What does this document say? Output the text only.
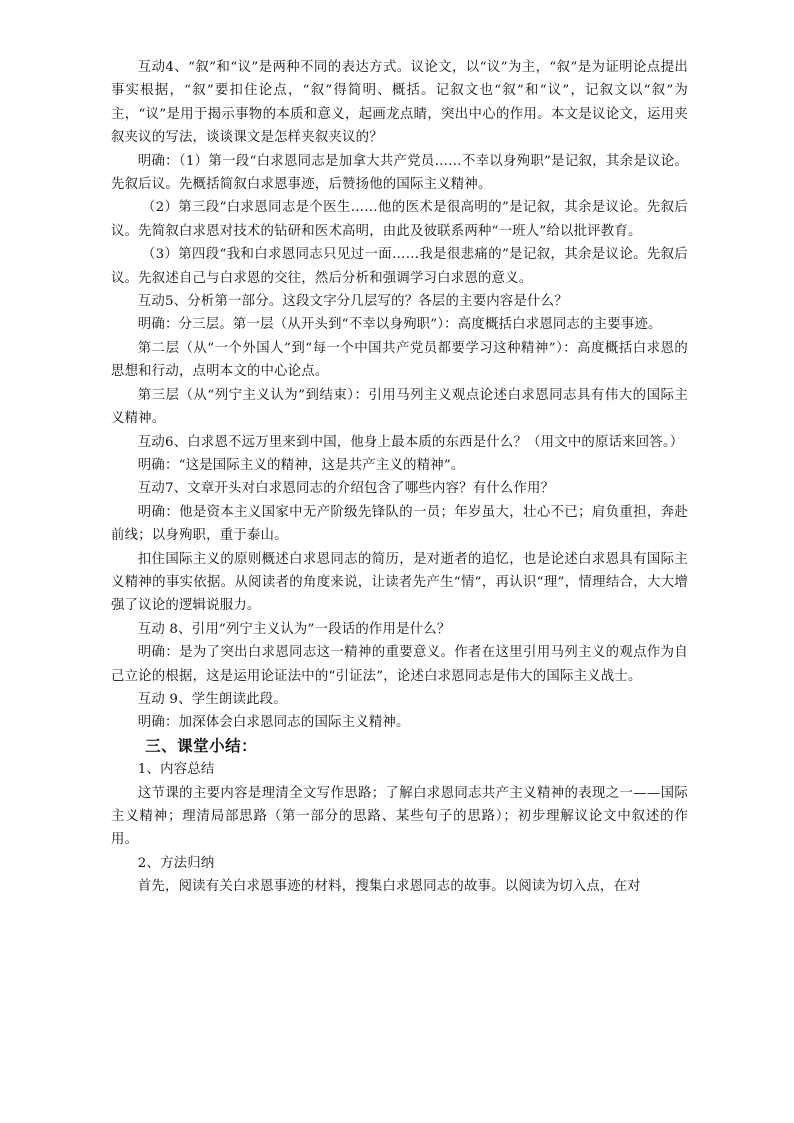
互动4、“叙”和“议”是两种不同的表达方式。议论文，以“议”为主，“叙”是为证明论点提出事实根据，“叙”要扣住论点，“叙”得简明、概括。记叙文也“叙”和“议”，记叙文以“叙”为主，“议”是用于揭示事物的本质和意义，起画龙点睛，突出中心的作用。本文是议论文，运用夹叙夹议的写法，谈谈课文是怎样夹叙夹议的？

明确：（1）第一段“白求恩同志是加拿大共产党员……不幸以身殉职”是记叙，其余是议论。先叙后议。先概括简叙白求恩事迹，后赞扬他的国际主义精神。

（2）第三段“白求恩同志是个医生……他的医术是很高明的”是记叙，其余是议论。先叙后议。先简叙白求恩对技术的钻研和医术高明，由此及彼联系两种“一班人”给以批评教育。

（3）第四段“我和白求恩同志只见过一面……我是很悲痛的”是记叙，其余是议论。先叙后议。先叙述自己与白求恩的交往，然后分析和强调学习白求恩的意义。

互动5、分析第一部分。这段文字分几层写的？各层的主要内容是什么？

明确：分三层。第一层（从开头到“不幸以身殉职”）：高度概括白求恩同志的主要事迹。

第二层（从“一个外国人”到“每一个中国共产党员都要学习这种精神”）：高度概括白求恩的思想和行动，点明本文的中心论点。

第三层（从“列宁主义认为”到结束）：引用马列主义观点论述白求恩同志具有伟大的国际主义精神。

互动6、白求恩不远万里来到中国，他身上最本质的东西是什么？（用文中的原话来回答。）

明确：“这是国际主义的精神，这是共产主义的精神”。

互动7、文章开头对白求恩同志的介绍包含了哪些内容？有什么作用？

明确：他是资本主义国家中无产阶级先锋队的一员；年岁虽大，壮心不已；肩负重担，奔赴前线；以身殉职，重于泰山。

扣住国际主义的原则概述白求恩同志的简历，是对逝者的追忆，也是论述白求恩具有国际主义精神的事实依据。从阅读者的角度来说，让读者先产生“情”，再认识“理”，情理结合，大大增强了议论的逻辑说服力。

互动 8、引用“列宁主义认为”一段话的作用是什么？

明确：是为了突出白求恩同志这一精神的重要意义。作者在这里引用马列主义的观点作为自己立论的根据，这是运用论证法中的“引证法”，论述白求恩同志是伟大的国际主义战士。

互动 9、学生朗读此段。

明确：加深体会白求恩同志的国际主义精神。

三、课堂小结：

1、内容总结

这节课的主要内容是理清全文写作思路；了解白求恩同志共产主义精神的表现之一——国际主义精神；理清局部思路（第一部分的思路、某些句子的思路）；初步理解议论文中叙述的作用。

2、方法归纳

首先，阅读有关白求恩事迹的材料，搜集白求恩同志的故事。以阅读为切入点，在对
